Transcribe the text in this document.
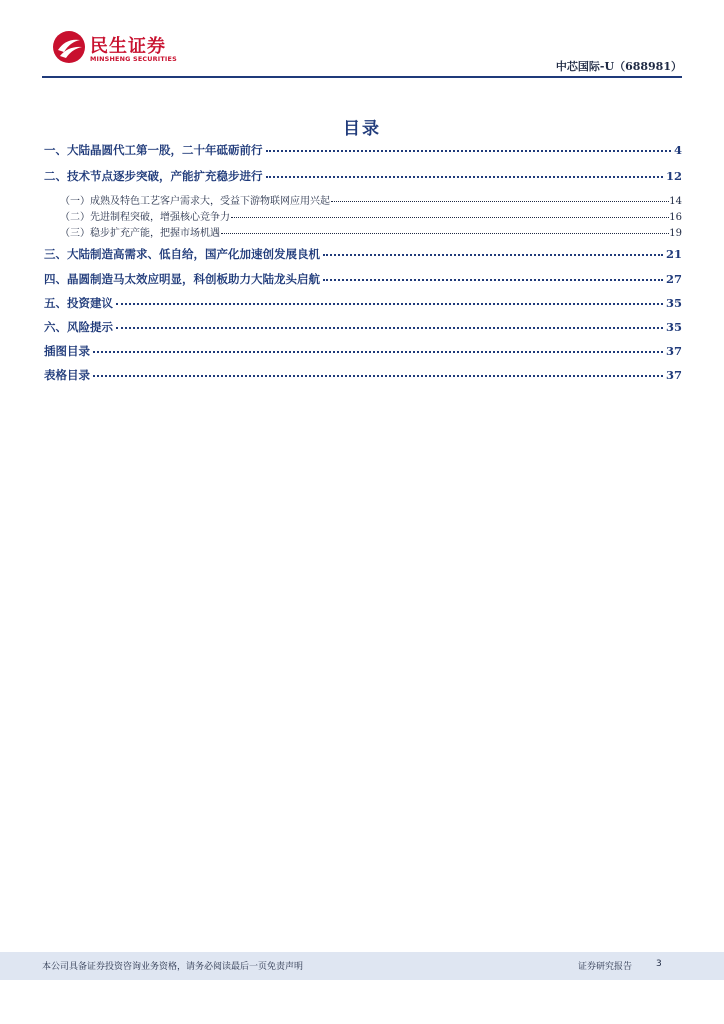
民生证券
MINSHENG SECURITIES
中芯国际-U（688981）
目录
一、大陆晶圆代工第一股，二十年砥砺前行	4
二、技术节点逐步突破，产能扩充稳步进行	12
（一）成熟及特色工艺客户需求大，受益下游物联网应用兴起	14
（二）先进制程突破，增强核心竞争力	16
（三）稳步扩充产能，把握市场机遇	19
三、大陆制造高需求、低自给，国产化加速创发展良机	21
四、晶圆制造马太效应明显，科创板助力大陆龙头启航	27
五、投资建议	35
六、风险提示	35
插图目录	37
表格目录	37
本公司具备证券投资咨询业务资格，请务必阅读最后一页免责声明	证券研究报告	3
